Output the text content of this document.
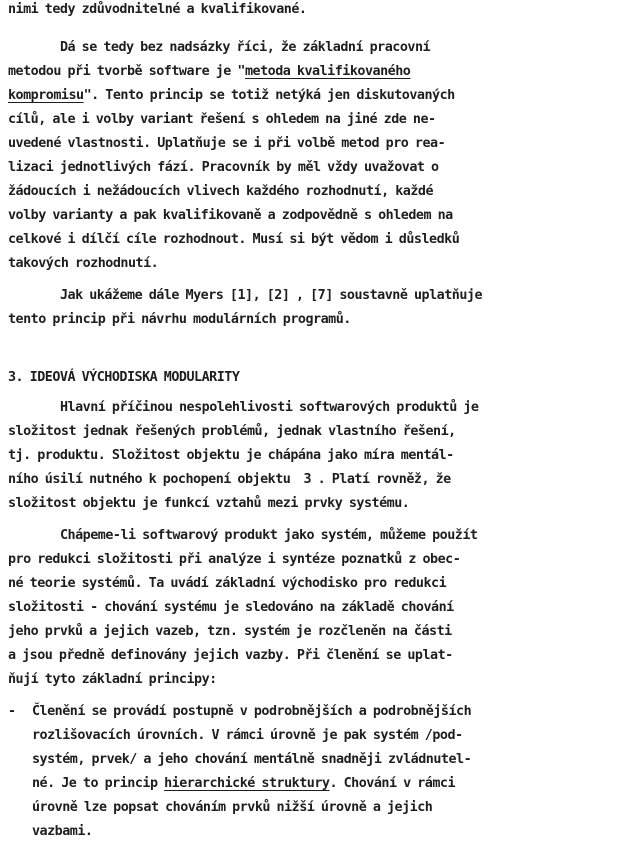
nimi tedy zdůvodnitelné a kvalifikované.
Dá se tedy bez nadsázky říci, že základní pracovní
metodou při tvorbě software je "metoda kvalifikovaného
kompromisu". Tento princip se totiž netýká jen diskutovaných
cílů, ale i volby variant řešení s ohledem na jiné zde ne-
uvedené vlastnosti. Uplatňuje se i při volbě metod pro rea-
lizaci jednotlivých fází. Pracovník by měl vždy uvažovat o
žádoucích i nežádoucích vlivech každého rozhodnutí, každé
volby varianty a pak kvalifikovaně a zodpovědně s ohledem na
celkové i dílčí cíle rozhodnout. Musí si být vědom i důsledků
takových rozhodnutí.
Jak ukážeme dále Myers [1], [2] , [7] soustavně uplatňuje
tento princip při návrhu modulárních programů.
3. IDEOVÁ VÝCHODISKA MODULARITY
Hlavní příčinou nespolehlivosti softwarových produktů je
složitost jednak řešených problémů, jednak vlastního řešení,
tj. produktu. Složitost objektu je chápána jako míra mentál-
ního úsilí nutného k pochopení objektu  3 . Platí rovněž, že
složitost objektu je funkcí vztahů mezi prvky systému.
Chápeme-li softwarový produkt jako systém, můžeme použít
pro redukci složitosti při analýze i syntéze poznatků z obec-
né teorie systémů. Ta uvádí základní východisko pro redukci
složitosti - chování systému je sledováno na základě chování
jeho prvků a jejich vazeb, tzn. systém je rozčleněn na části
a jsou předně definovány jejich vazby. Při členění se uplat-
ňují tyto základní principy:
- Členění se provádí postupně v podrobnějších a podrobnějších
rozlišovacích úrovních. V rámci úrovně je pak systém /pod-
systém, prvek/ a jeho chování mentálně snadněji zvládnutel-
né. Je to princip hierarchické struktury. Chování v rámci
úrovně lze popsat chováním prvků nižší úrovně a jejich
vazbami.
